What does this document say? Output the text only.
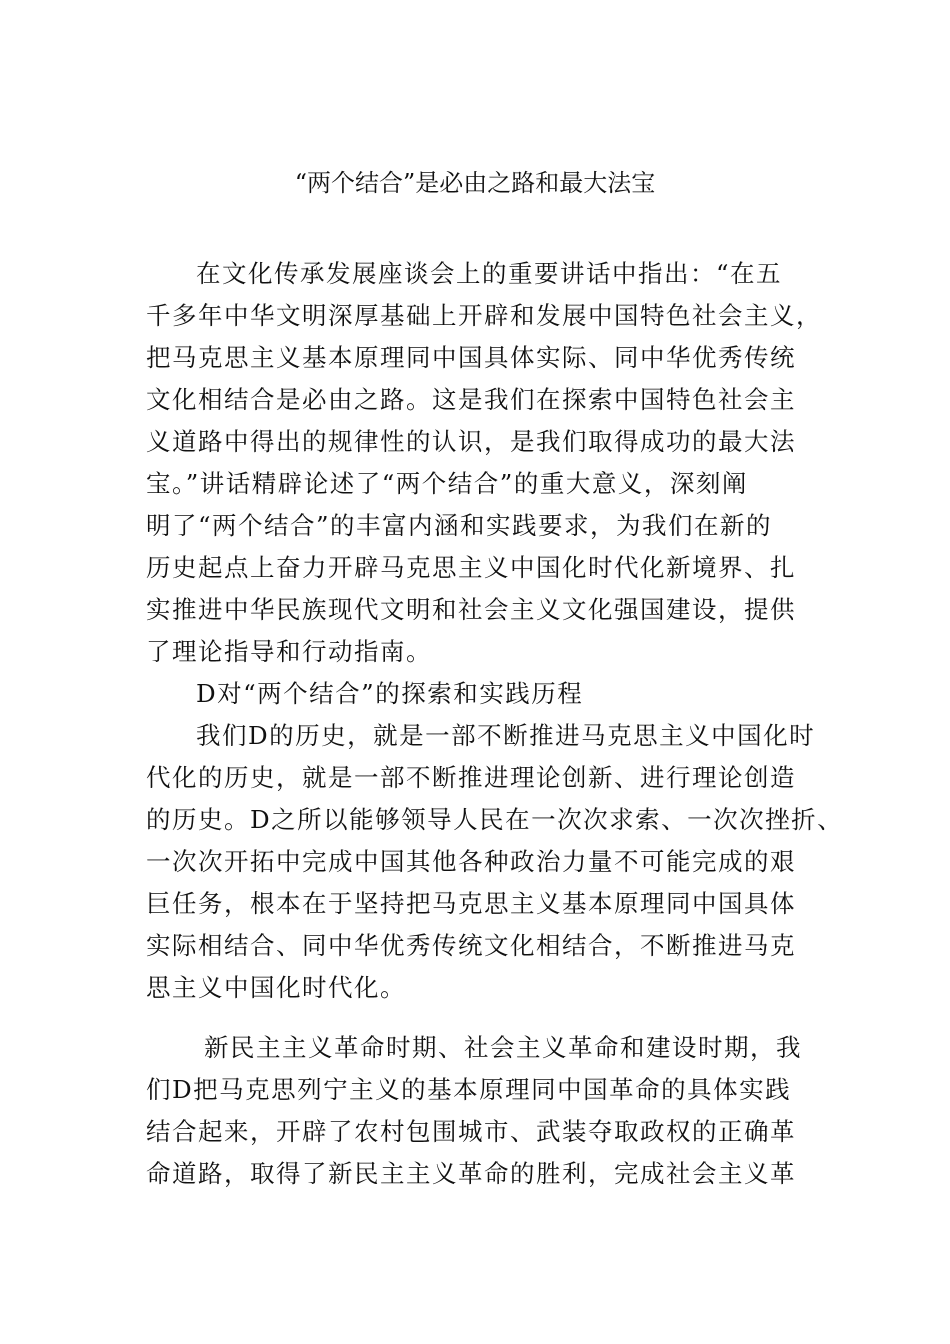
“两个结合”是必由之路和最大法宝
在文化传承发展座谈会上的重要讲话中指出：“在五
千多年中华文明深厚基础上开辟和发展中国特色社会主义，
把马克思主义基本原理同中国具体实际、同中华优秀传统
文化相结合是必由之路。这是我们在探索中国特色社会主
义道路中得出的规律性的认识，是我们取得成功的最大法
宝。”讲话精辟论述了“两个结合”的重大意义，深刻阐
明了“两个结合”的丰富内涵和实践要求，为我们在新的
历史起点上奋力开辟马克思主义中国化时代化新境界、扎
实推进中华民族现代文明和社会主义文化强国建设，提供
了理论指导和行动指南。
D对“两个结合”的探索和实践历程
我们D的历史，就是一部不断推进马克思主义中国化时
代化的历史，就是一部不断推进理论创新、进行理论创造
的历史。D之所以能够领导人民在一次次求索、一次次挫折、
一次次开拓中完成中国其他各种政治力量不可能完成的艰
巨任务，根本在于坚持把马克思主义基本原理同中国具体
实际相结合、同中华优秀传统文化相结合，不断推进马克
思主义中国化时代化。
新民主主义革命时期、社会主义革命和建设时期，我
们D把马克思列宁主义的基本原理同中国革命的具体实践
结合起来，开辟了农村包围城市、武装夺取政权的正确革
命道路，取得了新民主主义革命的胜利，完成社会主义革
